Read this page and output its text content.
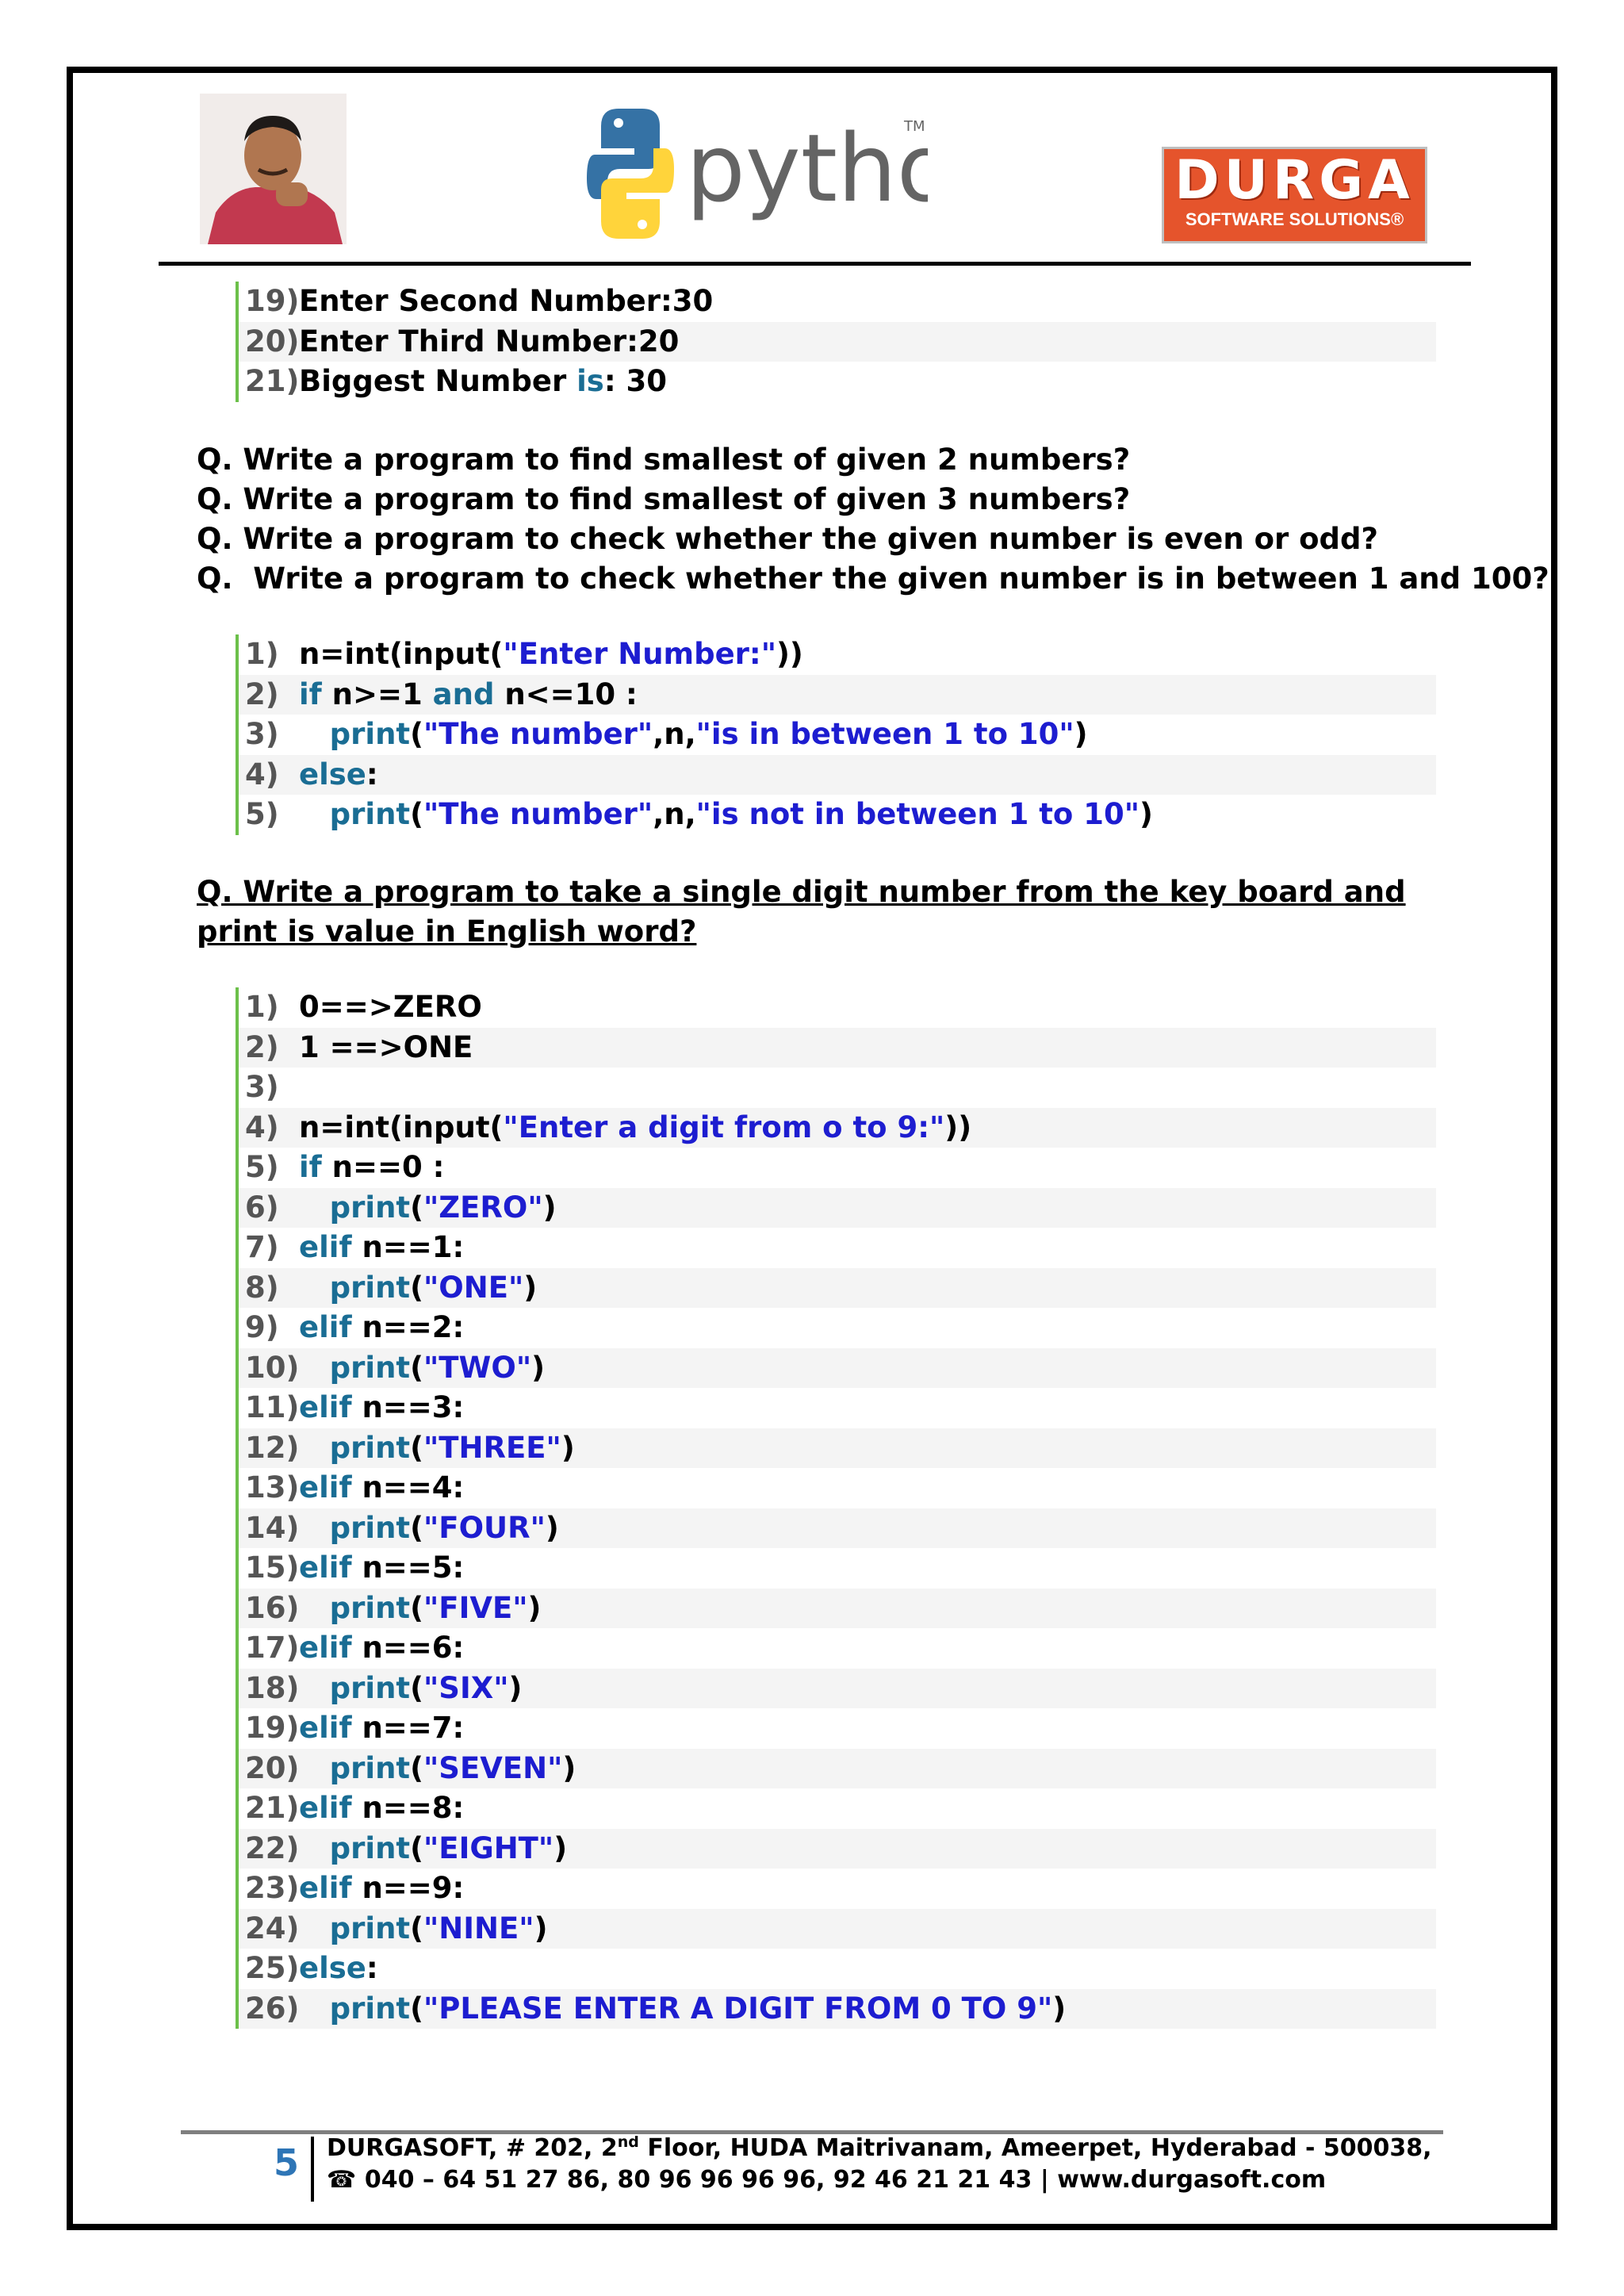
pytho
TM
DURGA
SOFTWARE SOLUTIONS®
19)Enter Second Number:30
20)Enter Third Number:20
21)Biggest Number is: 30
Q. Write a program to find smallest of given 2 numbers?
Q. Write a program to find smallest of given 3 numbers?
Q. Write a program to check whether the given number is even or odd?
Q.  Write a program to check whether the given number is in between 1 and 100?
1) n=int(input("Enter Number:"))
2) if n>=1 and n<=10 :
3) print("The number",n,"is in between 1 to 10")
4) else:
5) print("The number",n,"is not in between 1 to 10")
Q. Write a program to take a single digit number from the key board and print is value in English word?
1) 0==>ZERO
2) 1 ==>ONE
3)
4) n=int(input("Enter a digit from o to 9:"))
5) if n==0 :
6) print("ZERO")
7) elif n==1:
8) print("ONE")
9) elif n==2:
10) print("TWO")
11)elif n==3:
12) print("THREE")
13)elif n==4:
14) print("FOUR")
15)elif n==5:
16) print("FIVE")
17)elif n==6:
18) print("SIX")
19)elif n==7:
20) print("SEVEN")
21)elif n==8:
22) print("EIGHT")
23)elif n==9:
24) print("NINE")
25)else:
26) print("PLEASE ENTER A DIGIT FROM 0 TO 9")
5 DURGASOFT, # 202, 2nd Floor, HUDA Maitrivanam, Ameerpet, Hyderabad - 500038,
☎ 040 – 64 51 27 86, 80 96 96 96 96, 92 46 21 21 43 | www.durgasoft.com
